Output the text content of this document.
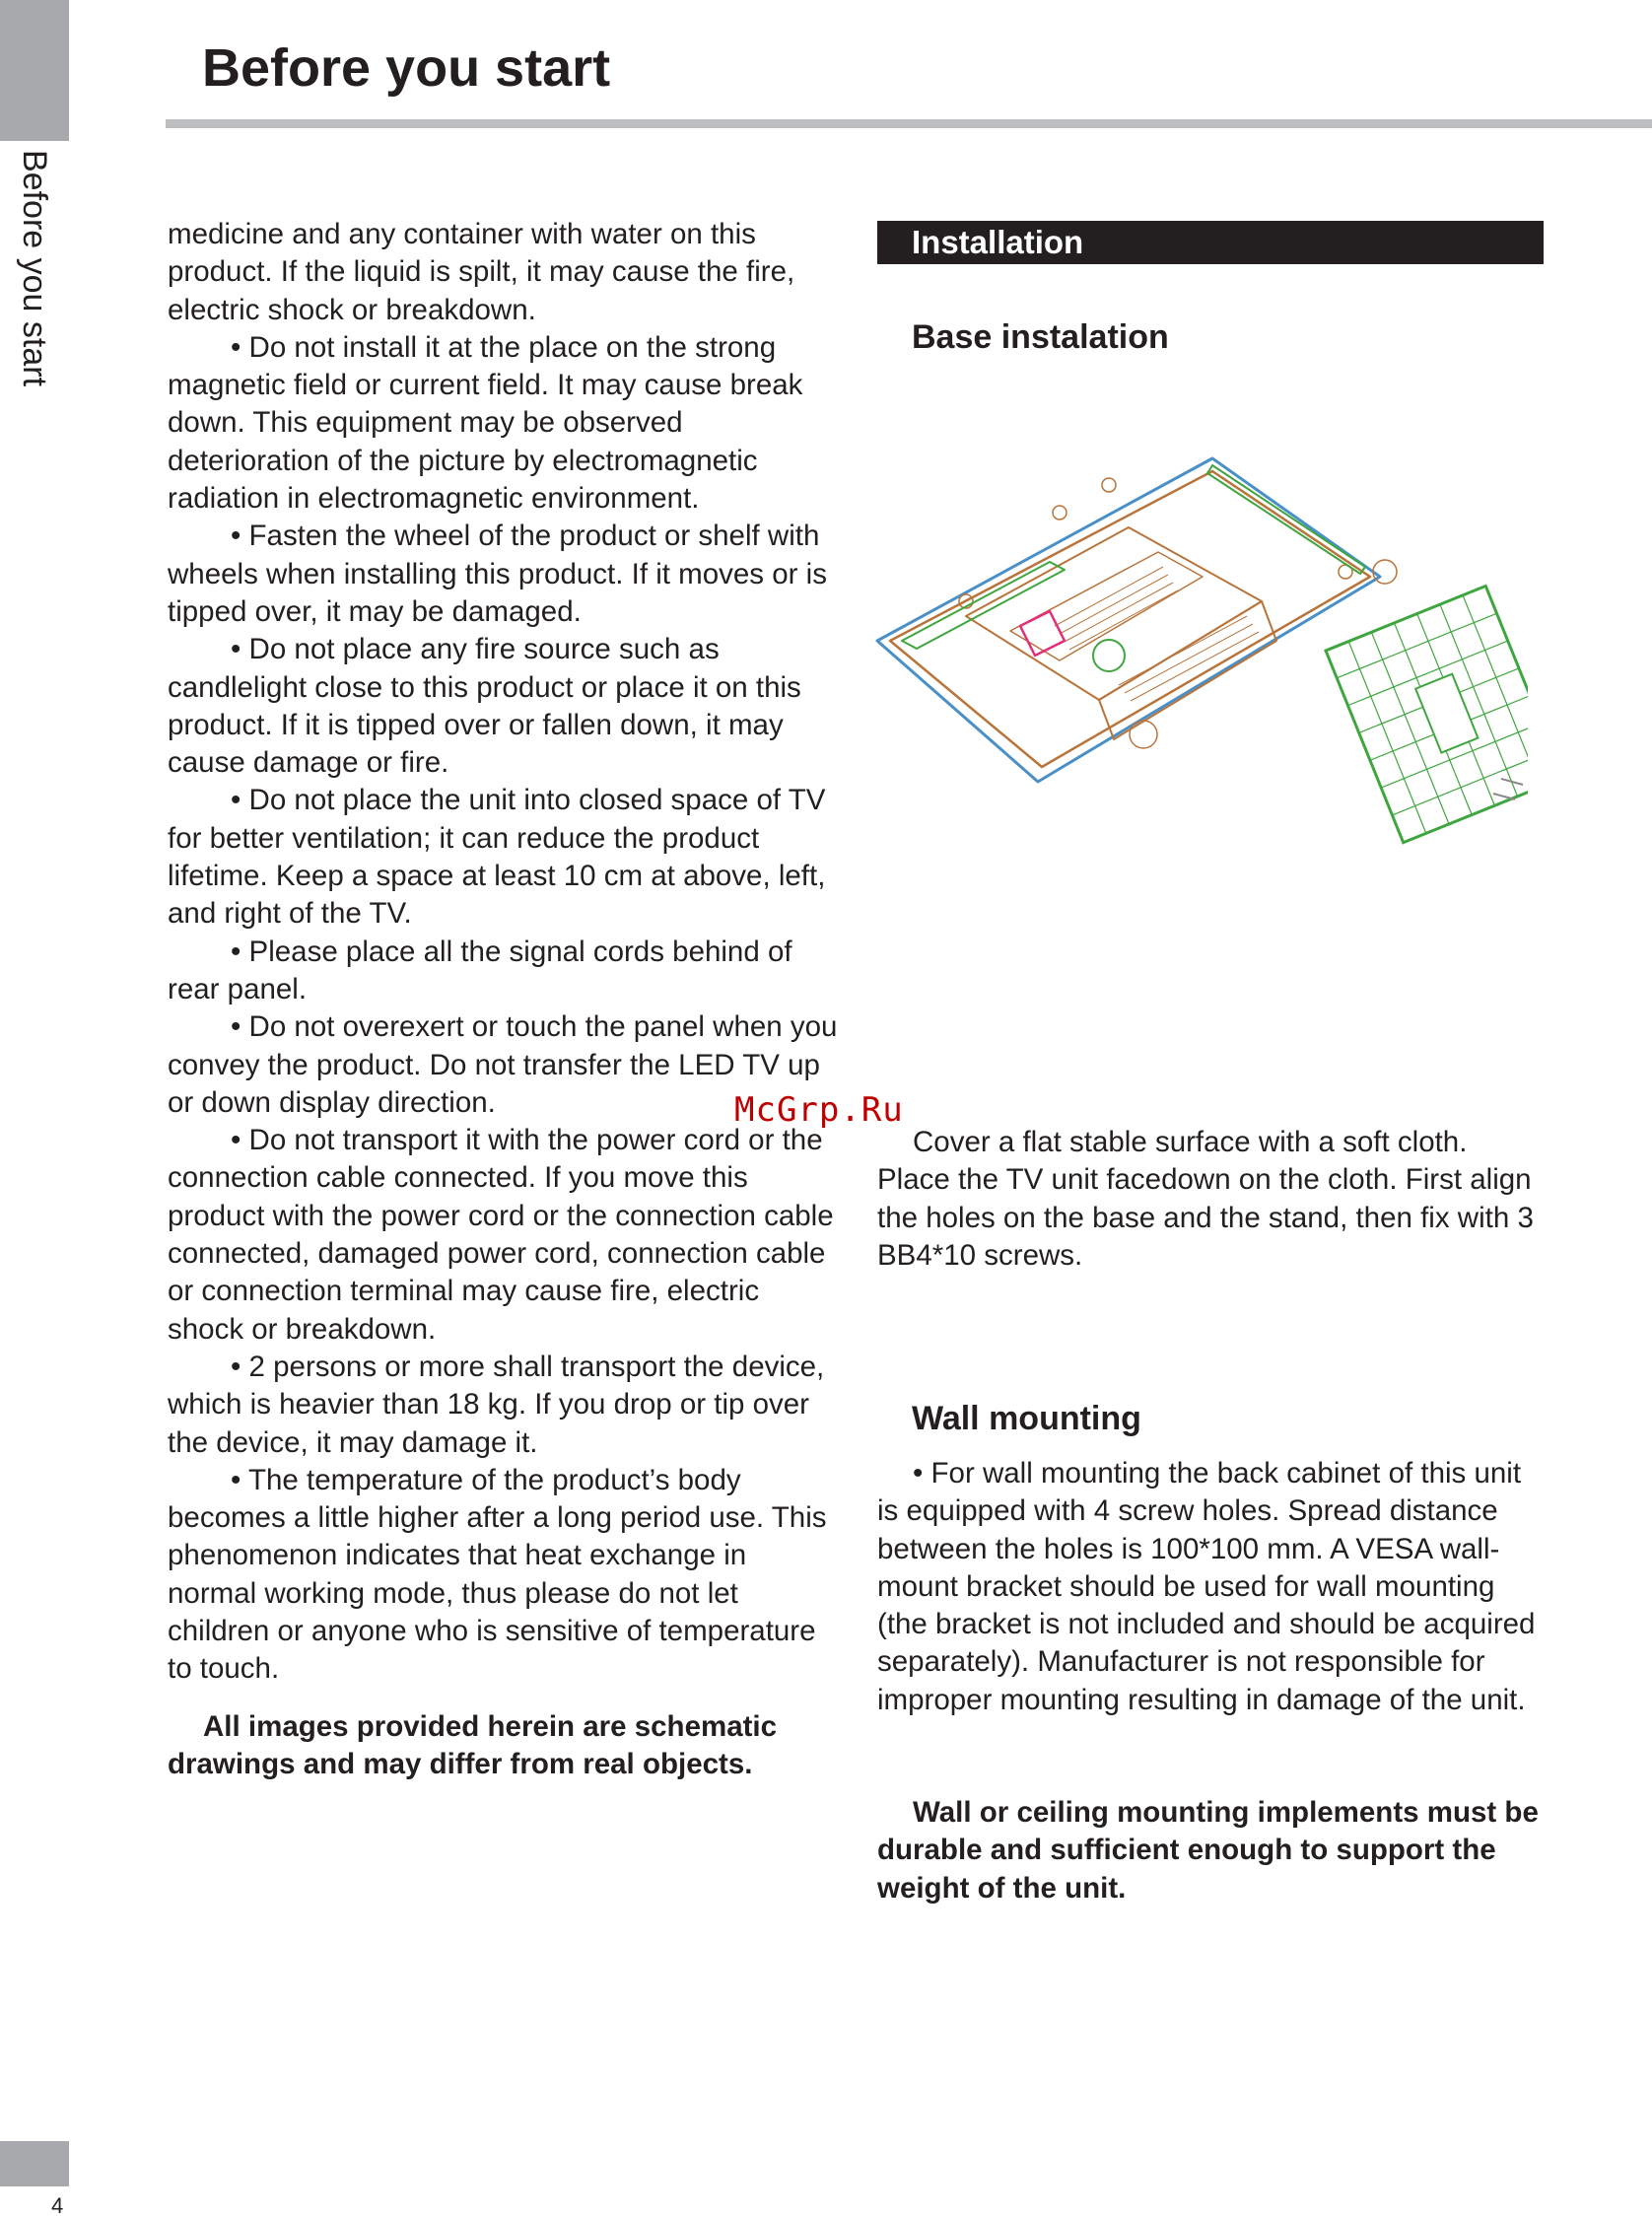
Before you start
4
Before you start

medicine and any container with water on this product. If the liquid is spilt, it may cause the fire, electric shock or breakdown.

• Do not install it at the place on the strong magnetic field or current field. It may cause break down. This equipment may be observed deterioration of the picture by electromagnetic radiation in electromagnetic environment.

• Fasten the wheel of the product or shelf with wheels when installing this product. If it moves or is tipped over, it may be damaged.

• Do not place any fire source such as candlelight close to this product or place it on this product. If it is tipped over or fallen down, it may cause damage or fire.

• Do not place the unit into closed space of TV for better ventilation; it can reduce the product lifetime. Keep a space at least 10 cm at above, left, and right of the TV.

• Please place all the signal cords behind of rear panel.

• Do not overexert or touch the panel when you convey the product. Do not transfer the LED TV up or down display direction.

• Do not transport it with the power cord or the connection cable connected. If you move this product with the power cord or the connection cable connected, damaged power cord, connection cable or connection terminal may cause fire, electric shock or breakdown.

• 2 persons or more shall transport the device, which is heavier than 18 kg. If you drop or tip over the device, it may damage it.

• The temperature of the product’s body becomes a little higher after a long period use. This phenomenon indicates that heat exchange in normal working mode, thus please do not let children or anyone who is sensitive of temperature to touch.

All images provided herein are schematic drawings and may differ from real objects.

Installation
Base instalation
McGrp.Ru

Cover a flat stable surface with a soft cloth. Place the TV unit facedown on the cloth. First align the holes on the base and the stand, then fix with 3 BB4*10 screws.

Wall mounting

• For wall mounting the back cabinet of this unit is equipped with 4 screw holes. Spread distance between the holes is 100*100 mm. A VESA wall-mount bracket should be used for wall mounting (the bracket is not included and should be acquired separately). Manufacturer is not responsible for improper mounting resulting in damage of the unit.

Wall or ceiling mounting implements must be durable and sufficient enough to support the weight of the unit.
